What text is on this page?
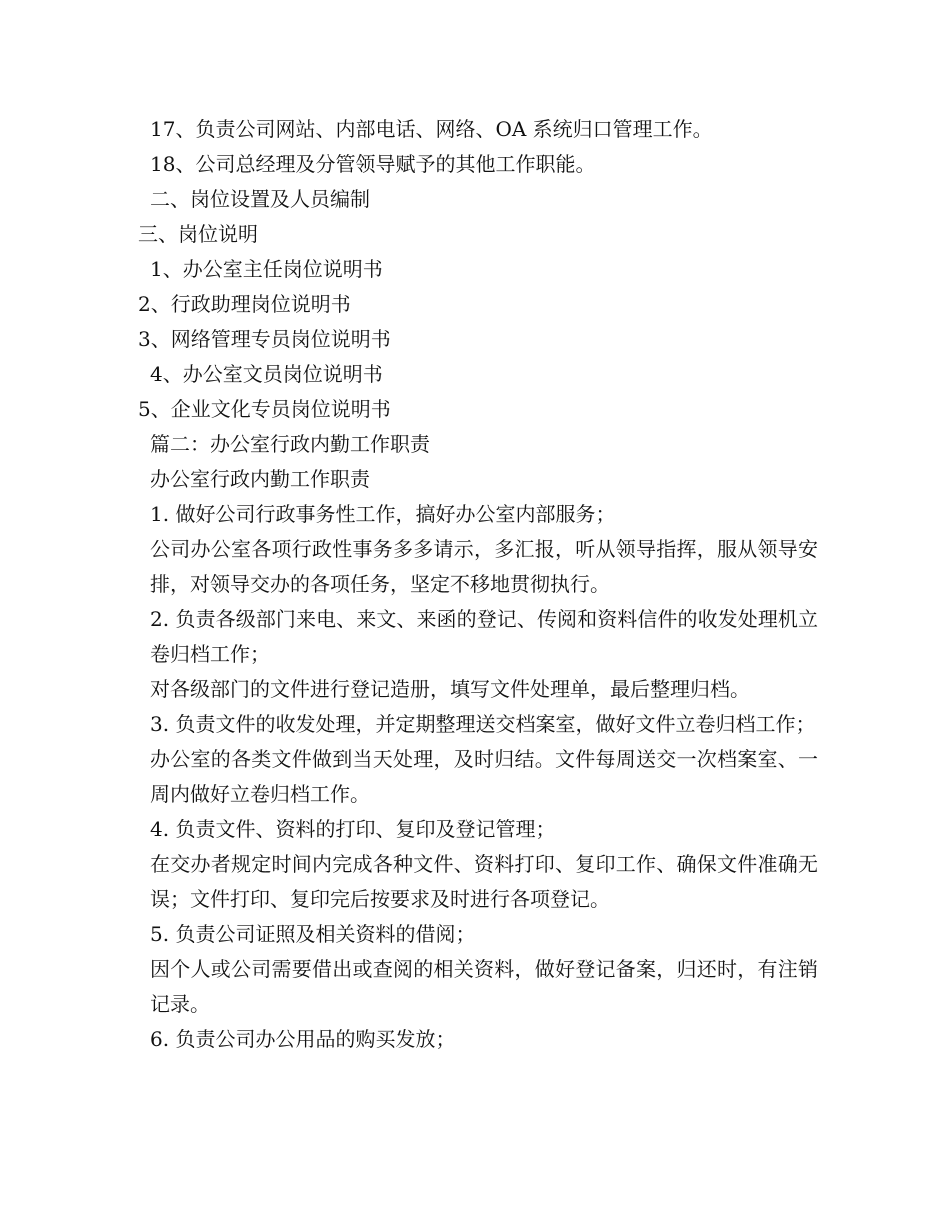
17、负责公司网站、内部电话、网络、OA 系统归口管理工作。

18、公司总经理及分管领导赋予的其他工作职能。

二、岗位设置及人员编制

三、岗位说明

1、办公室主任岗位说明书

2、行政助理岗位说明书

3、网络管理专员岗位说明书

4、办公室文员岗位说明书

5、企业文化专员岗位说明书

篇二：办公室行政内勤工作职责

办公室行政内勤工作职责

1. 做好公司行政事务性工作，搞好办公室内部服务；

公司办公室各项行政性事务多多请示，多汇报，听从领导指挥，服从领导安排，对领导交办的各项任务，坚定不移地贯彻执行。

2. 负责各级部门来电、来文、来函的登记、传阅和资料信件的收发处理机立卷归档工作；

对各级部门的文件进行登记造册，填写文件处理单，最后整理归档。

3. 负责文件的收发处理，并定期整理送交档案室，做好文件立卷归档工作；

办公室的各类文件做到当天处理，及时归结。文件每周送交一次档案室、一周内做好立卷归档工作。

4. 负责文件、资料的打印、复印及登记管理；

在交办者规定时间内完成各种文件、资料打印、复印工作、确保文件准确无误；文件打印、复印完后按要求及时进行各项登记。

5. 负责公司证照及相关资料的借阅；

因个人或公司需要借出或查阅的相关资料，做好登记备案，归还时，有注销记录。

6. 负责公司办公用品的购买发放；
